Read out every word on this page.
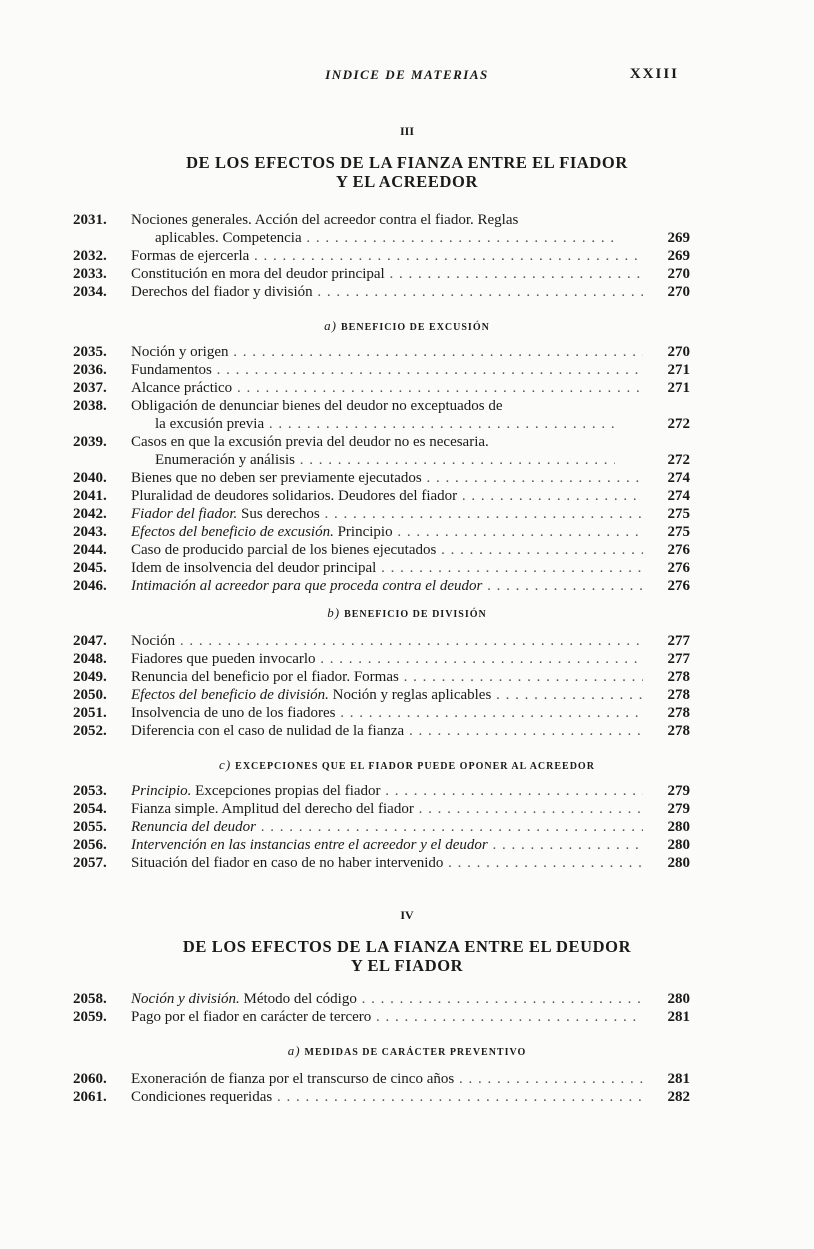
INDICE DE MATERIAS	XXIII
III
DE LOS EFECTOS DE LA FIANZA ENTRE EL FIADOR
Y EL ACREEDOR
2031.	Nociones generales. Acción del acreedor contra el fiador. Reglas
aplicables. Competencia . . .	269
2032.	Formas de ejercerla . . .	269
2033.	Constitución en mora del deudor principal . . .	270
2034.	Derechos del fiador y división . . .	270
a) BENEFICIO DE EXCUSIÓN
2035.	Noción y origen . . .	270
2036.	Fundamentos . . .	271
2037.	Alcance práctico . . .	271
2038.	Obligación de denunciar bienes del deudor no exceptuados de
la excusión previa . . .	272
2039.	Casos en que la excusión previa del deudor no es necesaria.
Enumeración y análisis . . .	272
2040.	Bienes que no deben ser previamente ejecutados . . .	274
2041.	Pluralidad de deudores solidarios. Deudores del fiador . . .	274
2042.	Fiador del fiador. Sus derechos . . .	275
2043.	Efectos del beneficio de excusión. Principio . . .	275
2044.	Caso de producido parcial de los bienes ejecutados . . .	276
2045.	Idem de insolvencia del deudor principal . . .	276
2046.	Intimación al acreedor para que proceda contra el deudor . . .	276
b) BENEFICIO DE DIVISIÓN
2047.	Noción . . .	277
2048.	Fiadores que pueden invocarlo . . .	277
2049.	Renuncia del beneficio por el fiador. Formas . . .	278
2050.	Efectos del beneficio de división. Noción y reglas aplicables . . .	278
2051.	Insolvencia de uno de los fiadores . . .	278
2052.	Diferencia con el caso de nulidad de la fianza . . .	278
c) EXCEPCIONES QUE EL FIADOR PUEDE OPONER AL ACREEDOR
2053.	Principio. Excepciones propias del fiador . . .	279
2054.	Fianza simple. Amplitud del derecho del fiador . . .	279
2055.	Renuncia del deudor . . .	280
2056.	Intervención en las instancias entre el acreedor y el deudor . . .	280
2057.	Situación del fiador en caso de no haber intervenido . . .	280
IV
DE LOS EFECTOS DE LA FIANZA ENTRE EL DEUDOR
Y EL FIADOR
2058.	Noción y división. Método del código . . .	280
2059.	Pago por el fiador en carácter de tercero . . .	281
a) MEDIDAS DE CARÁCTER PREVENTIVO
2060.	Exoneración de fianza por el transcurso de cinco años . . .	281
2061.	Condiciones requeridas . . .	282
